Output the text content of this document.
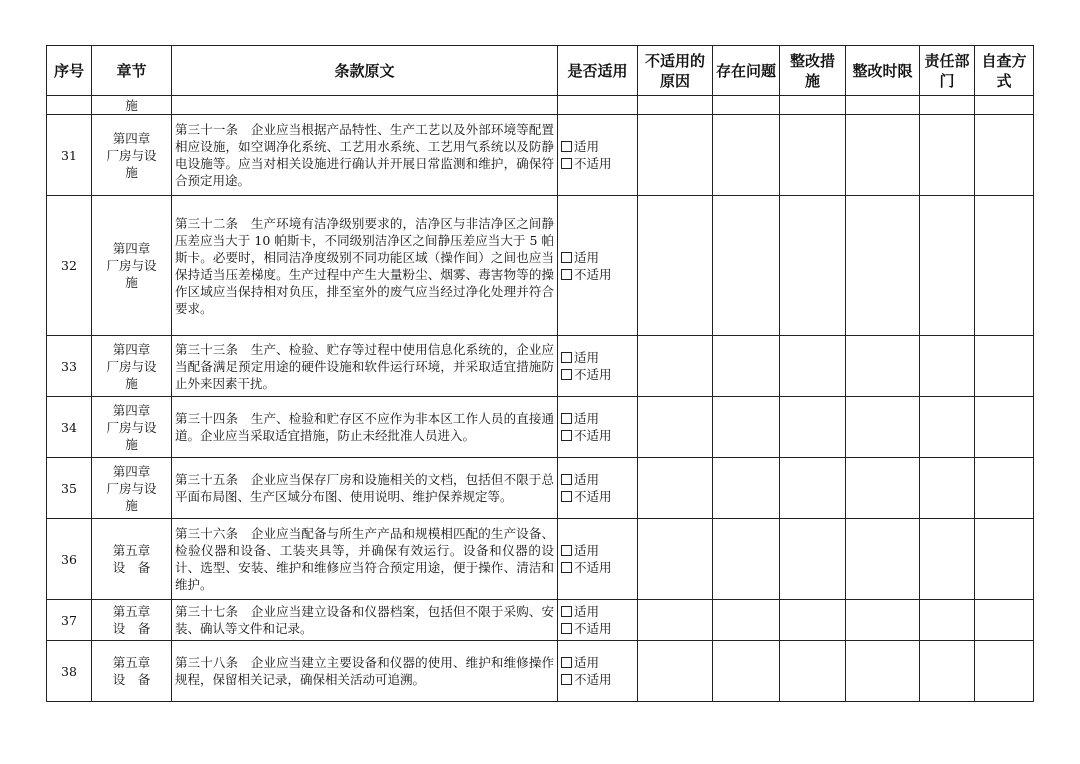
序号	章节	条款原文	是否适用	不适用的原因	存在问题	整改措施	整改时限	责任部门	自查方式
	施								
31	第四章
厂房与设
施	第三十一条　企业应当根据产品特性、生产工艺以及外部环境等配置相应设施，如空调净化系统、工艺用水系统、工艺用气系统以及防静电设施等。应当对相关设施进行确认并开展日常监测和维护，确保符合预定用途。	适用
不适用						

32	第四章
厂房与设
施	第三十二条　生产环境有洁净级别要求的，洁净区与非洁净区之间静压差应当大于 10 帕斯卡，不同级别洁净区之间静压差应当大于 5 帕斯卡。必要时，相同洁净度级别不同功能区域（操作间）之间也应当保持适当压差梯度。生产过程中产生大量粉尘、烟雾、毒害物等的操作区域应当保持相对负压，排至室外的废气应当经过净化处理并符合要求。	适用
不适用						

33	第四章
厂房与设
施	第三十三条　生产、检验、贮存等过程中使用信息化系统的，企业应当配备满足预定用途的硬件设施和软件运行环境，并采取适宜措施防止外来因素干扰。	适用
不适用						

34	第四章
厂房与设
施	第三十四条　生产、检验和贮存区不应作为非本区工作人员的直接通道。企业应当采取适宜措施，防止未经批准人员进入。	适用
不适用						

35	第四章
厂房与设
施	第三十五条　企业应当保存厂房和设施相关的文档，包括但不限于总平面布局图、生产区域分布图、使用说明、维护保养规定等。	适用
不适用						

36	第五章
设　备	第三十六条　企业应当配备与所生产产品和规模相匹配的生产设备、检验仪器和设备、工装夹具等，并确保有效运行。设备和仪器的设计、选型、安装、维护和维修应当符合预定用途，便于操作、清洁和维护。	适用
不适用						

37	第五章
设　备	第三十七条　企业应当建立设备和仪器档案，包括但不限于采购、安装、确认等文件和记录。	适用
不适用						

38	第五章
设　备	第三十八条　企业应当建立主要设备和仪器的使用、维护和维修操作规程，保留相关记录，确保相关活动可追溯。	适用
不适用						
